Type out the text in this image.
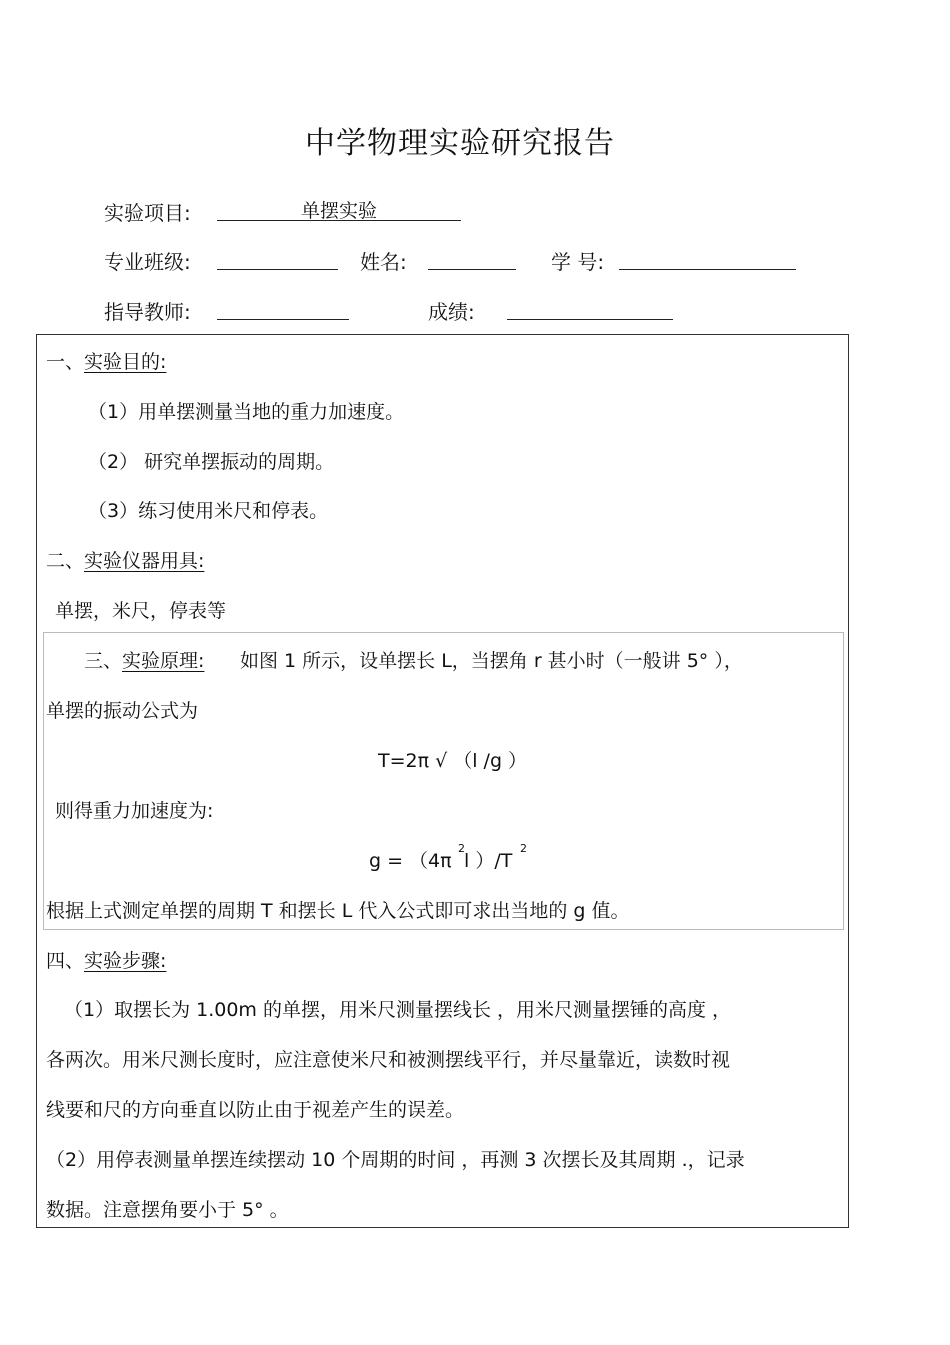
中学物理实验研究报告
实验项目:	单摆实验
专业班级:	姓名:	学 号:
指导教师:	成绩:
一、实验目的:
（1）用单摆测量当地的重力加速度。
（2） 研究单摆振动的周期。
（3）练习使用米尺和停表。
二、实验仪器用具:
单摆，米尺，停表等
三、实验原理: 如图 1 所示，设单摆长 L，当摆角 r 甚小时（一般讲 5° ），
单摆的振动公式为
T=2π √ （l /g ）
则得重力加速度为:
g = （4π
2
l ）/T
2
根据上式测定单摆的周期 T 和摆长 L 代入公式即可求出当地的 g 值。
四、实验步骤:
（1）取摆长为 1.00m 的单摆，用米尺测量摆线长 ，用米尺测量摆锤的高度 ，
各两次。用米尺测长度时，应注意使米尺和被测摆线平行，并尽量靠近，读数时视
线要和尺的方向垂直以防止由于视差产生的误差。
（2）用停表测量单摆连续摆动 10 个周期的时间 ，再测 3 次摆长及其周期 .，记录
数据。注意摆角要小于 5° 。
